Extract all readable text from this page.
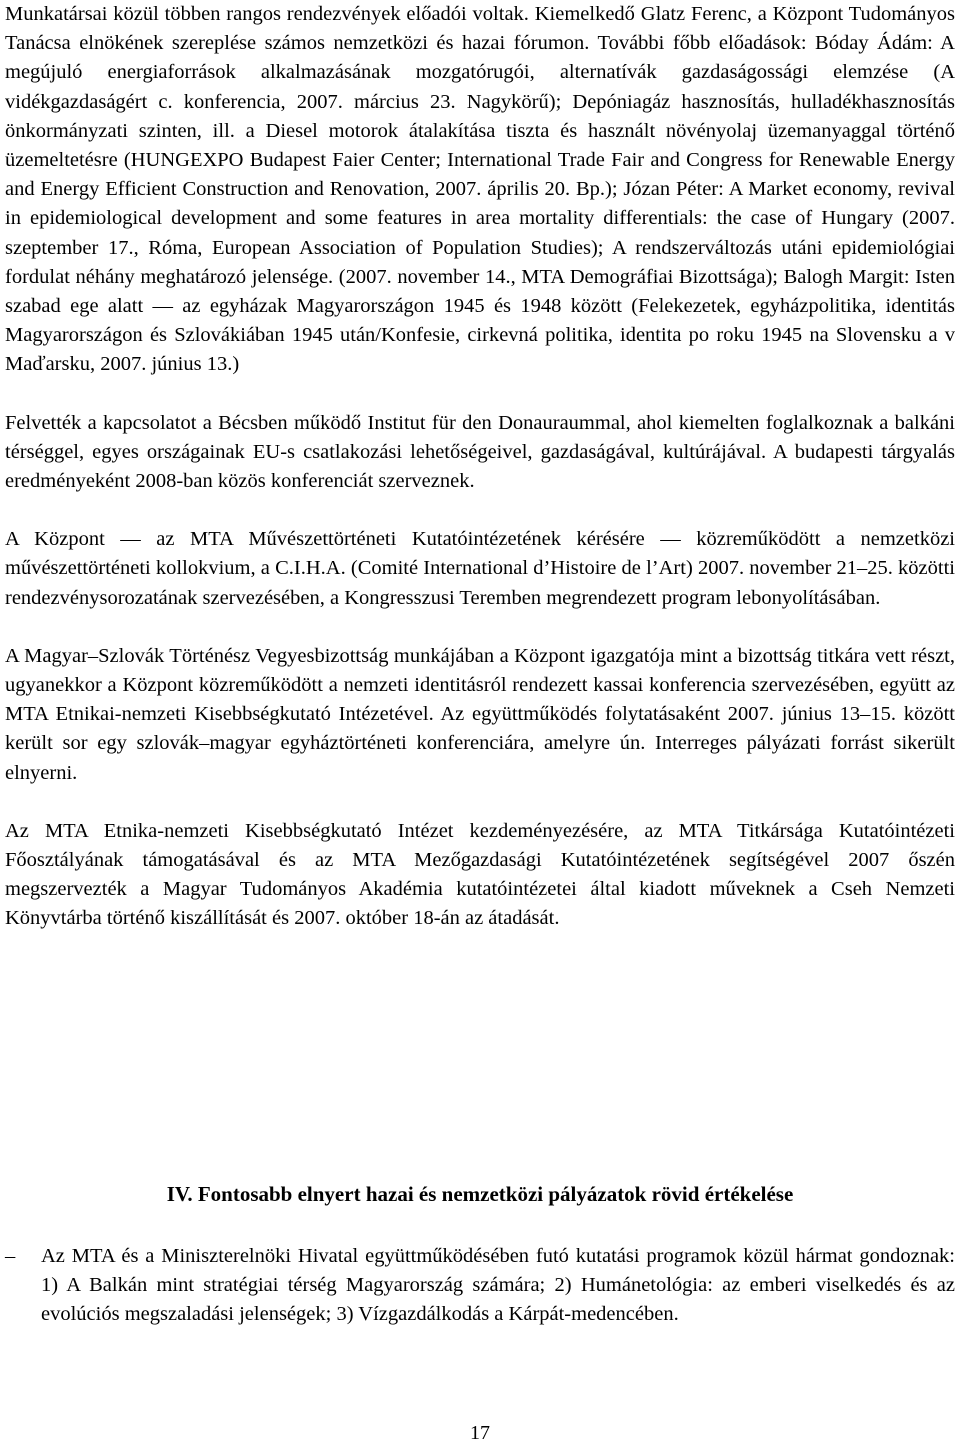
Munkatársai közül többen rangos rendezvények előadói voltak. Kiemelkedő Glatz Ferenc, a Központ Tudományos Tanácsa elnökének szereplése számos nemzetközi és hazai fórumon. További főbb előadások: Bóday Ádám: A megújuló energiaforrások alkalmazásának mozgatórugói, alternatívák gazdaságossági elemzése (A vidékgazdaságért c. konferencia, 2007. március 23. Nagykörű); Depóniagáz hasznosítás, hulladékhasznosítás önkormányzati szinten, ill. a Diesel motorok átalakítása tiszta és használt növényolaj üzemanyaggal történő üzemeltetésre (HUNGEXPO Budapest Faier Center; International Trade Fair and Congress for Renewable Energy and Energy Efficient Construction and Renovation, 2007. április 20. Bp.); Józan Péter: A Market economy, revival in epidemiological development and some features in area mortality differentials: the case of Hungary (2007. szeptember 17., Róma, European Association of Population Studies); A rendszerváltozás utáni epidemiológiai fordulat néhány meghatározó jelensége. (2007. november 14., MTA Demográfiai Bizottsága); Balogh Margit: Isten szabad ege alatt — az egyházak Magyarországon 1945 és 1948 között (Felekezetek, egyházpolitika, identitás Magyarországon és Szlovákiában 1945 után/Konfesie, cirkevná politika, identita po roku 1945 na Slovensku a v Maďarsku, 2007. június 13.)

Felvették a kapcsolatot a Bécsben működő Institut für den Donauraummal, ahol kiemelten foglalkoznak a balkáni térséggel, egyes országainak EU-s csatlakozási lehetőségeivel, gazdaságával, kultúrájával. A budapesti tárgyalás eredményeként 2008-ban közös konferenciát szerveznek.

A Központ — az MTA Művészettörténeti Kutatóintézetének kérésére — közreműködött a nemzetközi művészettörténeti kollokvium, a C.I.H.A. (Comité International d’Histoire de l’Art) 2007. november 21–25. közötti rendezvénysorozatának szervezésében, a Kongresszusi Teremben megrendezett program lebonyolításában.

A Magyar–Szlovák Történész Vegyesbizottság munkájában a Központ igazgatója mint a bizottság titkára vett részt, ugyanekkor a Központ közreműködött a nemzeti identitásról rendezett kassai konferencia szervezésében, együtt az MTA Etnikai-nemzeti Kisebbségkutató Intézetével. Az együttműködés folytatásaként 2007. június 13–15. között került sor egy szlovák–magyar egyháztörténeti konferenciára, amelyre ún. Interreges pályázati forrást sikerült elnyerni.

Az MTA Etnika-nemzeti Kisebbségkutató Intézet kezdeményezésére, az MTA Titkársága Kutatóintézeti Főosztályának támogatásával és az MTA Mezőgazdasági Kutatóintézetének segítségével 2007 őszén megszervezték a Magyar Tudományos Akadémia kutatóintézetei által kiadott műveknek a Cseh Nemzeti Könyvtárba történő kiszállítását és 2007. október 18-án az átadását.

IV. Fontosabb elnyert hazai és nemzetközi pályázatok rövid értékelése
– Az MTA és a Miniszterelnöki Hivatal együttműködésében futó kutatási programok közül hármat gondoznak: 1) A Balkán mint stratégiai térség Magyarország számára; 2) Humánetológia: az emberi viselkedés és az evolúciós megszaladási jelenségek; 3) Vízgazdálkodás a Kárpát-medencében.
17
